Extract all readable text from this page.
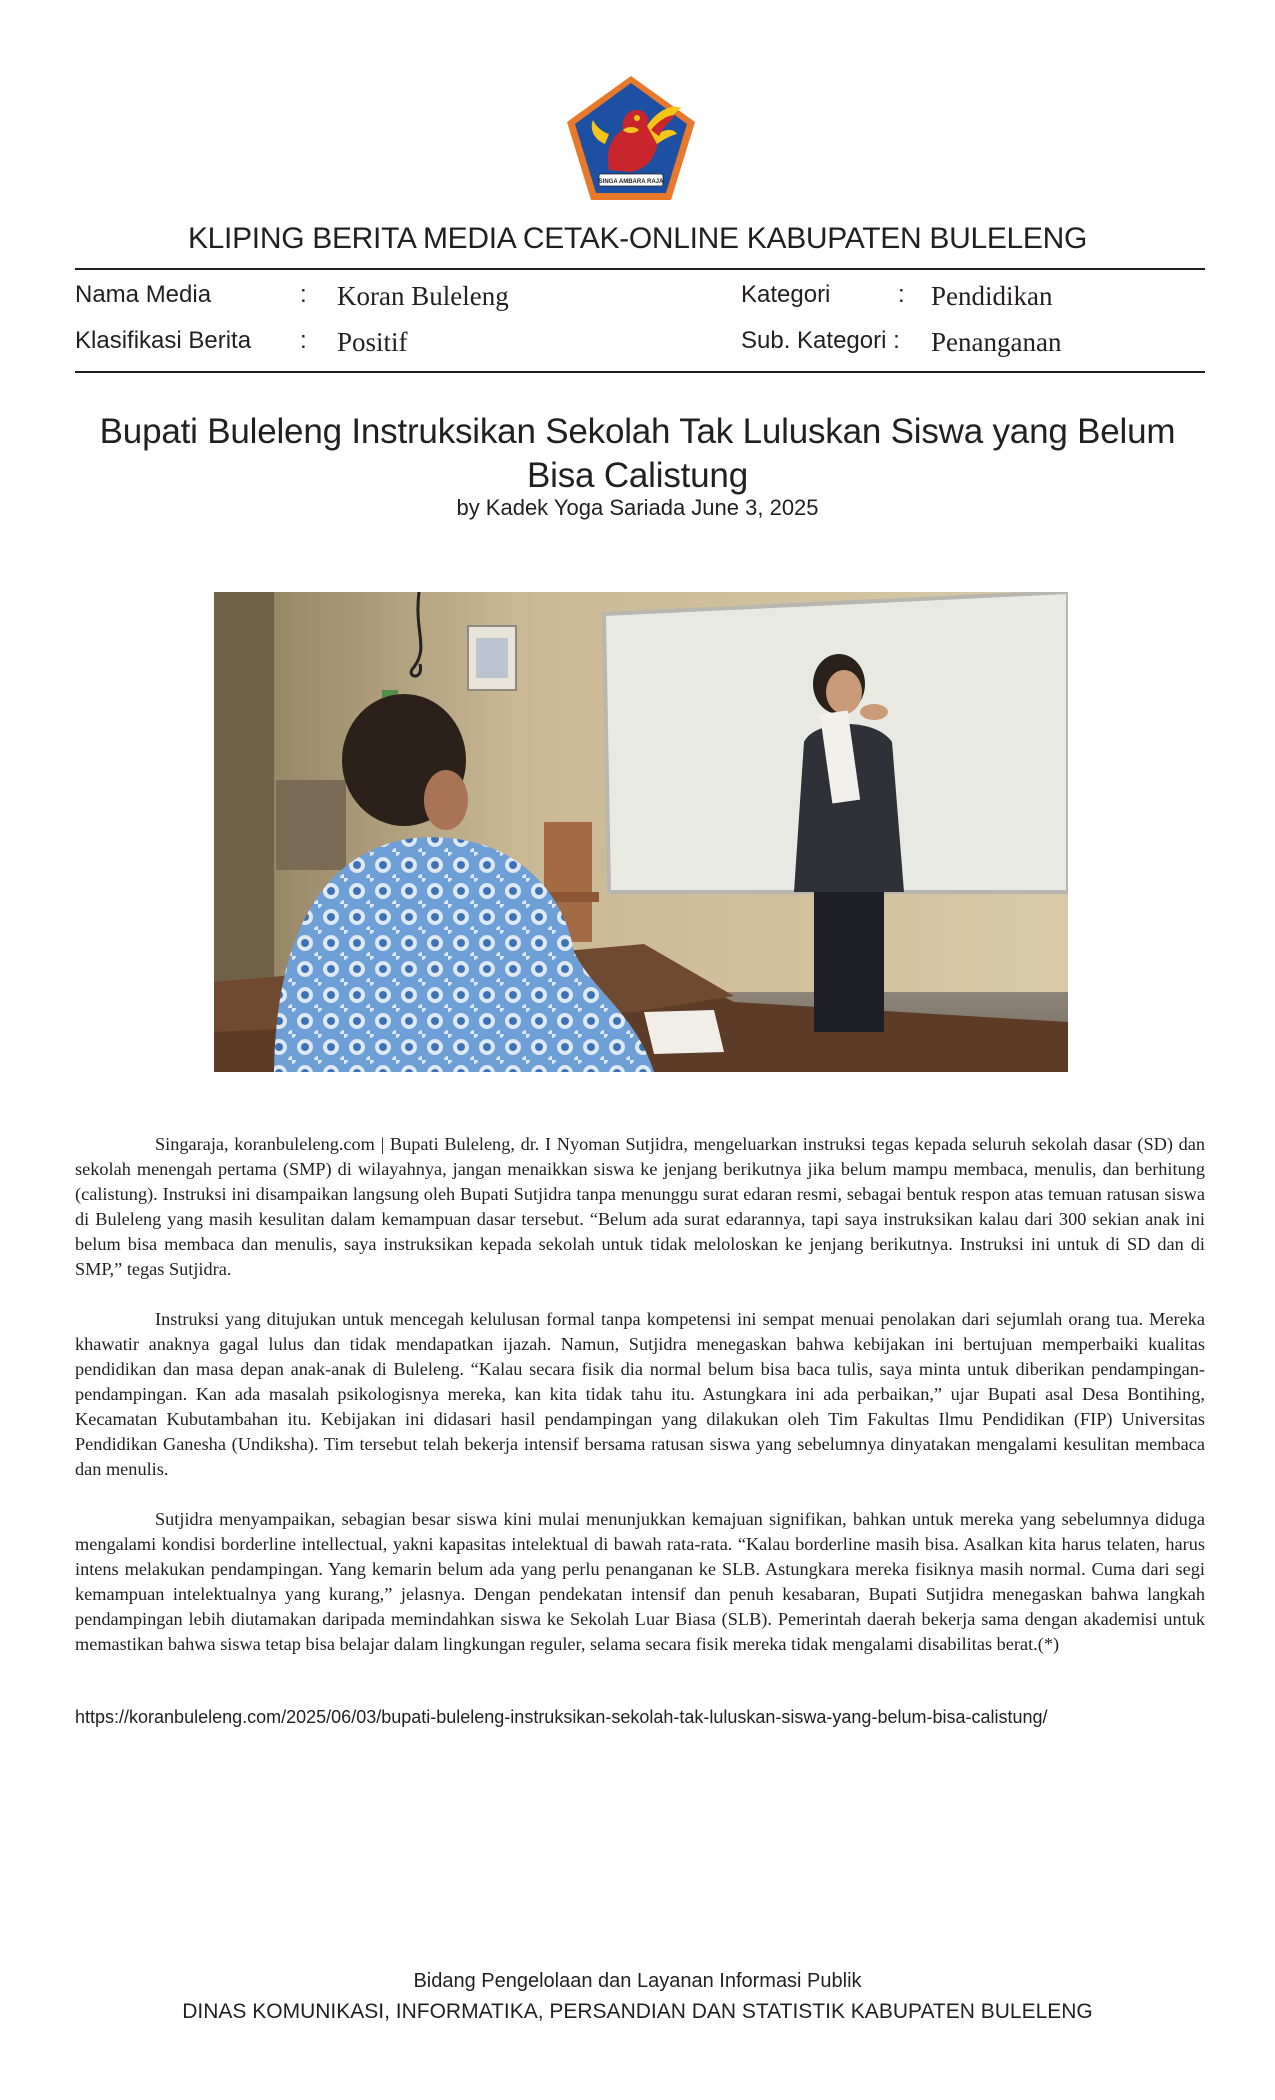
SINGA AMBARA RAJA
KLIPING BERITA MEDIA CETAK-ONLINE KABUPATEN BULELENG
Nama Media	: Koran Buleleng	Kategori	: Pendidikan
Klasifikasi Berita : Positif	Sub. Kategori : Penanganan
Bupati Buleleng Instruksikan Sekolah Tak Luluskan Siswa yang Belum Bisa Calistung
by Kadek Yoga Sariada June 3, 2025

Singaraja, koranbuleleng.com | Bupati Buleleng, dr. I Nyoman Sutjidra, mengeluarkan instruksi tegas kepada seluruh sekolah dasar (SD) dan sekolah menengah pertama (SMP) di wilayahnya, jangan menaikkan siswa ke jenjang berikutnya jika belum mampu membaca, menulis, dan berhitung (calistung). Instruksi ini disampaikan langsung oleh Bupati Sutjidra tanpa menunggu surat edaran resmi, sebagai bentuk respon atas temuan ratusan siswa di Buleleng yang masih kesulitan dalam kemampuan dasar tersebut. “Belum ada surat edarannya, tapi saya instruksikan kalau dari 300 sekian anak ini belum bisa membaca dan menulis, saya instruksikan kepada sekolah untuk tidak meloloskan ke jenjang berikutnya. Instruksi ini untuk di SD dan di SMP,” tegas Sutjidra.

Instruksi yang ditujukan untuk mencegah kelulusan formal tanpa kompetensi ini sempat menuai penolakan dari sejumlah orang tua. Mereka khawatir anaknya gagal lulus dan tidak mendapatkan ijazah. Namun, Sutjidra menegaskan bahwa kebijakan ini bertujuan memperbaiki kualitas pendidikan dan masa depan anak-anak di Buleleng. “Kalau secara fisik dia normal belum bisa baca tulis, saya minta untuk diberikan pendampingan-pendampingan. Kan ada masalah psikologisnya mereka, kan kita tidak tahu itu. Astungkara ini ada perbaikan,” ujar Bupati asal Desa Bontihing, Kecamatan Kubutambahan itu. Kebijakan ini didasari hasil pendampingan yang dilakukan oleh Tim Fakultas Ilmu Pendidikan (FIP) Universitas Pendidikan Ganesha (Undiksha). Tim tersebut telah bekerja intensif bersama ratusan siswa yang sebelumnya dinyatakan mengalami kesulitan membaca dan menulis.

Sutjidra menyampaikan, sebagian besar siswa kini mulai menunjukkan kemajuan signifikan, bahkan untuk mereka yang sebelumnya diduga mengalami kondisi borderline intellectual, yakni kapasitas intelektual di bawah rata-rata. “Kalau borderline masih bisa. Asalkan kita harus telaten, harus intens melakukan pendampingan. Yang kemarin belum ada yang perlu penanganan ke SLB. Astungkara mereka fisiknya masih normal. Cuma dari segi kemampuan intelektualnya yang kurang,” jelasnya. Dengan pendekatan intensif dan penuh kesabaran, Bupati Sutjidra menegaskan bahwa langkah pendampingan lebih diutamakan daripada memindahkan siswa ke Sekolah Luar Biasa (SLB). Pemerintah daerah bekerja sama dengan akademisi untuk memastikan bahwa siswa tetap bisa belajar dalam lingkungan reguler, selama secara fisik mereka tidak mengalami disabilitas berat.(*)

https://koranbuleleng.com/2025/06/03/bupati-buleleng-instruksikan-sekolah-tak-luluskan-siswa-yang-belum-bisa-calistung/
Bidang Pengelolaan dan Layanan Informasi Publik
DINAS KOMUNIKASI, INFORMATIKA, PERSANDIAN DAN STATISTIK KABUPATEN BULELENG
